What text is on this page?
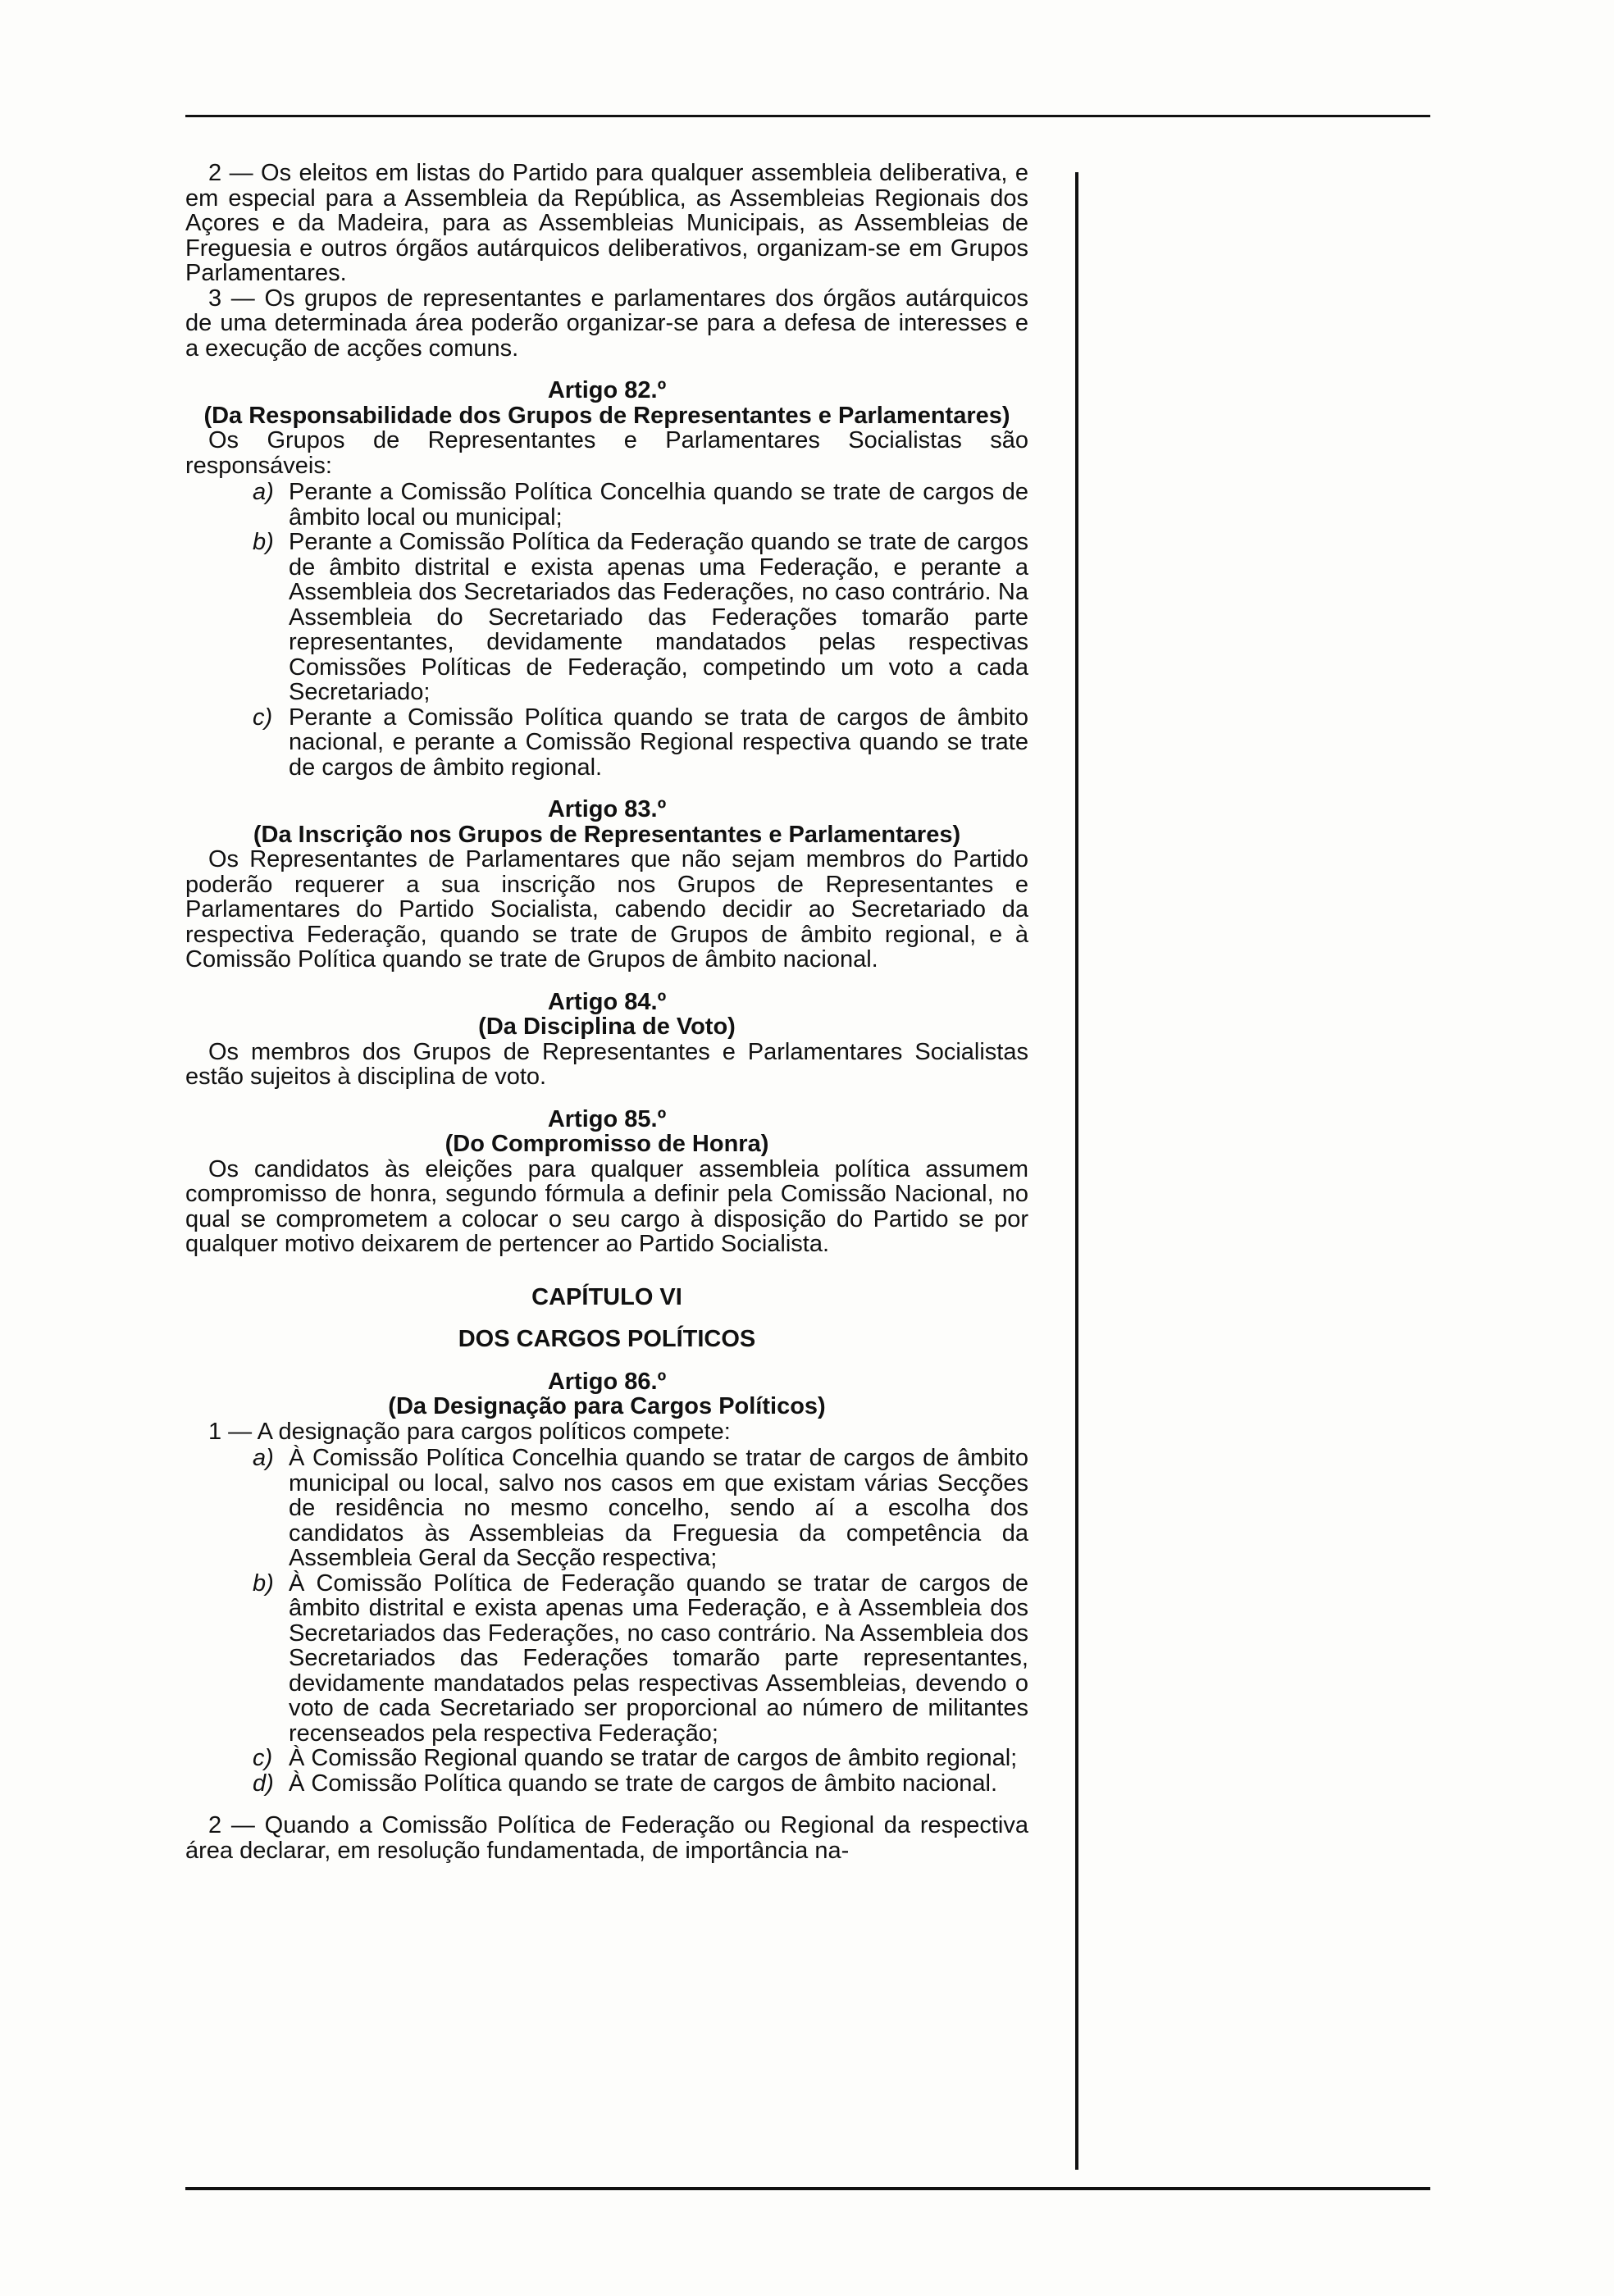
2 — Os eleitos em listas do Partido para qualquer assembleia deliberativa, e em especial para a Assembleia da República, as Assembleias Regionais dos Açores e da Madeira, para as Assembleias Municipais, as Assembleias de Freguesia e outros órgãos autárquicos deliberativos, organizam-se em Grupos Parlamentares.

3 — Os grupos de representantes e parlamentares dos órgãos autárquicos de uma determinada área poderão organizar-se para a defesa de interesses e a execução de acções comuns.

Artigo 82.º
(Da Responsabilidade dos Grupos de Representantes e Parlamentares)

Os Grupos de Representantes e Parlamentares Socialistas são responsáveis:

a) Perante a Comissão Política Concelhia quando se trate de cargos de âmbito local ou municipal;
b) Perante a Comissão Política da Federação quando se trate de cargos de âmbito distrital e exista apenas uma Federação, e perante a Assembleia dos Secretariados das Federações, no caso contrário. Na Assembleia do Secretariado das Federações tomarão parte representantes, devidamente mandatados pelas respectivas Comissões Políticas de Federação, competindo um voto a cada Secretariado;
c) Perante a Comissão Política quando se trata de cargos de âmbito nacional, e perante a Comissão Regional respectiva quando se trate de cargos de âmbito regional.
Artigo 83.º
(Da Inscrição nos Grupos de Representantes e Parlamentares)

Os Representantes de Parlamentares que não sejam membros do Partido poderão requerer a sua inscrição nos Grupos de Representantes e Parlamentares do Partido Socialista, cabendo decidir ao Secretariado da respectiva Federação, quando se trate de Grupos de âmbito regional, e à Comissão Política quando se trate de Grupos de âmbito nacional.

Artigo 84.º
(Da Disciplina de Voto)

Os membros dos Grupos de Representantes e Parlamentares Socialistas estão sujeitos à disciplina de voto.

Artigo 85.º
(Do Compromisso de Honra)

Os candidatos às eleições para qualquer assembleia política assumem compromisso de honra, segundo fórmula a definir pela Comissão Nacional, no qual se comprometem a colocar o seu cargo à disposição do Partido se por qualquer motivo deixarem de pertencer ao Partido Socialista.

CAPÍTULO VI

DOS CARGOS POLÍTICOS

Artigo 86.º
(Da Designação para Cargos Políticos)

1 — A designação para cargos políticos compete:

a) À Comissão Política Concelhia quando se tratar de cargos de âmbito municipal ou local, salvo nos casos em que existam várias Secções de residência no mesmo concelho, sendo aí a escolha dos candidatos às Assembleias da Freguesia da competência da Assembleia Geral da Secção respectiva;
b) À Comissão Política de Federação quando se tratar de cargos de âmbito distrital e exista apenas uma Federação, e à Assembleia dos Secretariados das Federações, no caso contrário. Na Assembleia dos Secretariados das Federações tomarão parte representantes, devidamente mandatados pelas respectivas Assembleias, devendo o voto de cada Secretariado ser proporcional ao número de militantes recenseados pela respectiva Federação;
c) À Comissão Regional quando se tratar de cargos de âmbito regional;
d) À Comissão Política quando se trate de cargos de âmbito nacional.

2 — Quando a Comissão Política de Federação ou Regional da respectiva área declarar, em resolução fundamentada, de importância na-
